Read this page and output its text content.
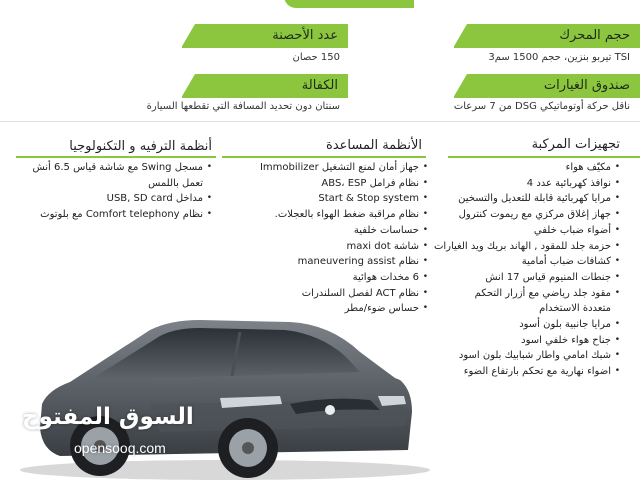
حجم المحرك
TSI تيربو بنزين، حجم 1500 سم3
عدد الأحصنة
150 حصان
صندوق الغيارات
ناقل حركة أوتوماتيكي DSG من 7 سرعات
الكفالة
سنتان دون تحديد المسافة التي تقطعها السيارة
تجهيزات المركبة
الأنظمة المساعدة
أنظمة الترفيه و التكنولوجيا
• مكيّف هواء
• نوافذ كهربائية عدد 4
• مرايا كهربائية قابلة للتعديل والتسخين
• جهاز إغلاق مركزي مع ريموت كنترول
• أضواء ضباب خلفي
• حزمة جلد للمقود , الهاند بريك ويد الغيارات
• كشافات ضباب أمامية
• جنطات المنيوم قياس 17 انش
• مقود جلد رياضي مع أزرار التحكم متعددة الاستخدام
• مرايا جانبية بلون أسود
• جناح هواء خلفي اسود
• شبك امامي واطار شبابيك بلون اسود
• اضواء نهارية مع تحكم بارتفاع الضوء
• جهاز أمان لمنع التشغيل Immobilizer
• نظام فرامل ABS، ESP
• Start & Stop system
• نظام مراقبة ضغط الهواء بالعجلات.
• حساسات خلفية
• شاشة maxi dot
• نظام maneuvering assist
• 6 مخدات هوائية
• نظام ACT لفصل السلندرات
• حساس ضوء/مطر
• مسجل Swing مع شاشة قياس 6.5 أنش تعمل باللمس
• مداخل USB, SD card
• نظام Comfort telephony مع بلوتوث
السوق المفتوح
opensooq.com
